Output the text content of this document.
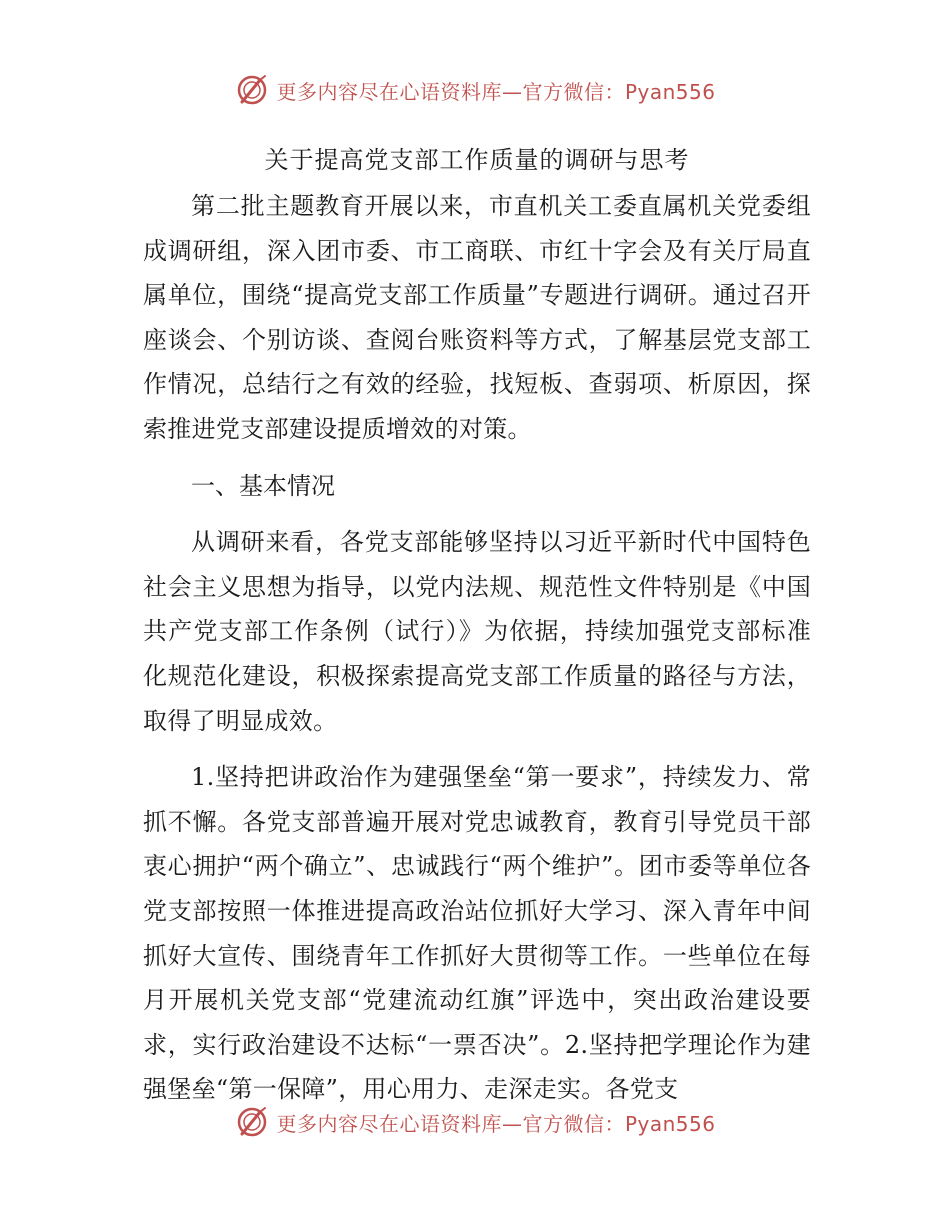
更多内容尽在心语资料库—官方微信：Pyan556
关于提高党支部工作质量的调研与思考

第二批主题教育开展以来，市直机关工委直属机关党委组成调研组，深入团市委、市工商联、市红十字会及有关厅局直属单位，围绕“提高党支部工作质量”专题进行调研。通过召开座谈会、个别访谈、查阅台账资料等方式，了解基层党支部工作情况，总结行之有效的经验，找短板、查弱项、析原因，探索推进党支部建设提质增效的对策。

一、基本情况

从调研来看，各党支部能够坚持以习近平新时代中国特色社会主义思想为指导，以党内法规、规范性文件特别是《中国共产党支部工作条例（试行）》为依据，持续加强党支部标准化规范化建设，积极探索提高党支部工作质量的路径与方法，取得了明显成效。

1.坚持把讲政治作为建强堡垒“第一要求”，持续发力、常抓不懈。各党支部普遍开展对党忠诚教育，教育引导党员干部衷心拥护“两个确立”、忠诚践行“两个维护”。团市委等单位各党支部按照一体推进提高政治站位抓好大学习、深入青年中间抓好大宣传、围绕青年工作抓好大贯彻等工作。一些单位在每月开展机关党支部“党建流动红旗”评选中，突出政治建设要求，实行政治建设不达标“一票否决”。2.坚持把学理论作为建强堡垒“第一保障”，用心用力、走深走实。各党支

更多内容尽在心语资料库—官方微信：Pyan556
